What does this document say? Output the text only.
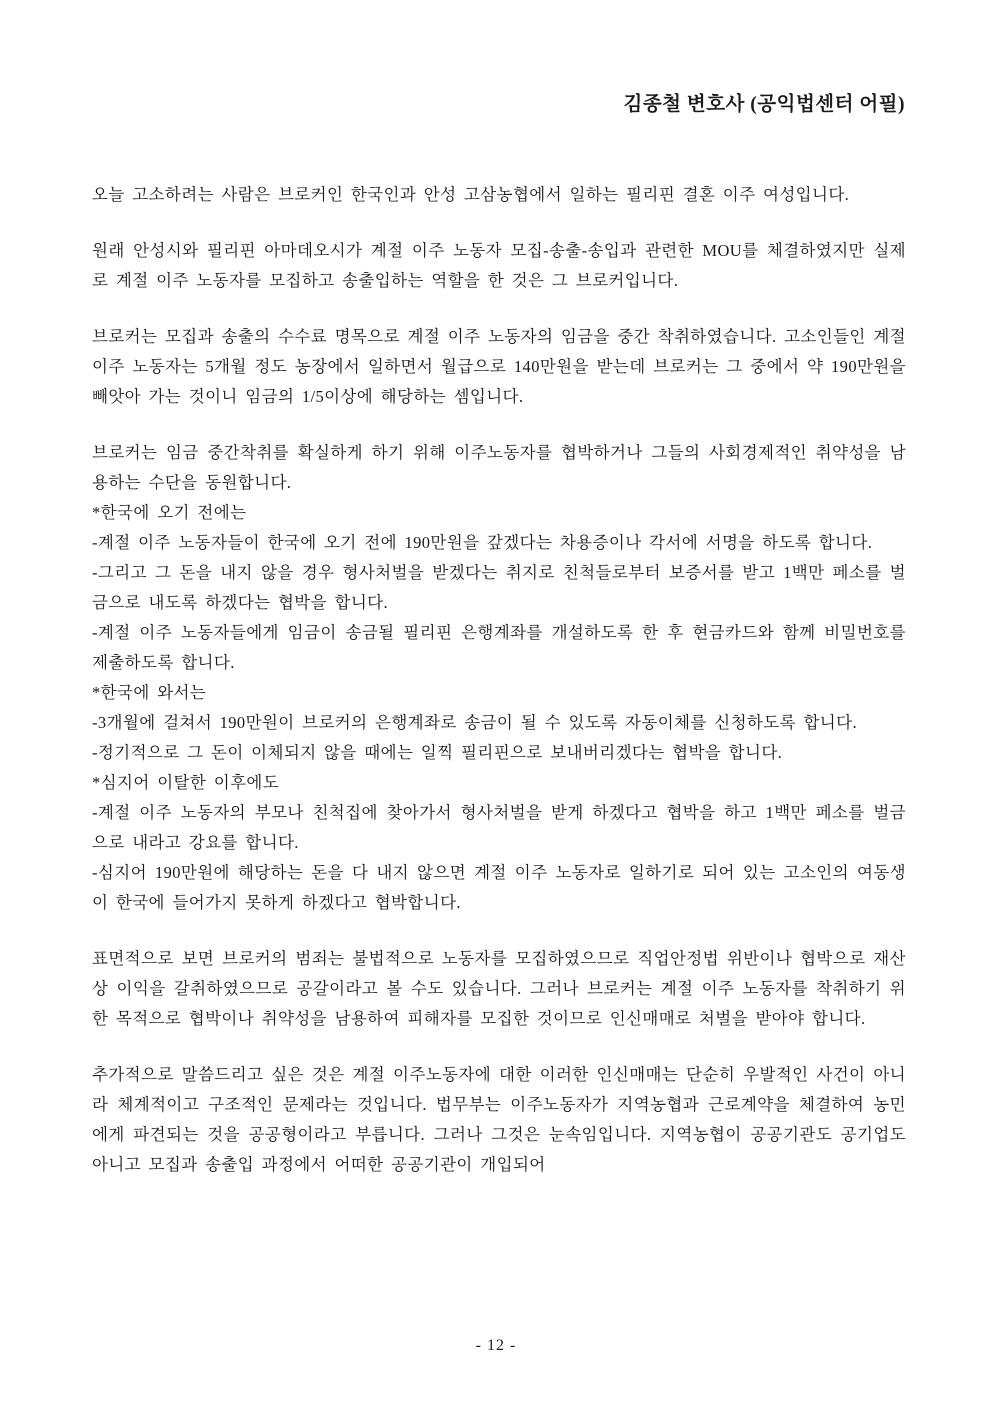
김종철 변호사 (공익법센터 어필)
오늘 고소하려는 사람은 브로커인 한국인과 안성 고삼농협에서 일하는 필리핀 결혼 이주 여성입니다.
원래 안성시와 필리핀 아마데오시가 계절 이주 노동자 모집-송출-송입과 관련한 MOU를 체결하였지만 실제로 계절 이주 노동자를 모집하고 송출입하는 역할을 한 것은 그 브로커입니다.
브로커는 모집과 송출의 수수료 명목으로 계절 이주 노동자의 임금을 중간 착취하였습니다. 고소인들인 계절 이주 노동자는 5개월 정도 농장에서 일하면서 월급으로 140만원을 받는데 브로커는 그 중에서 약 190만원을 빼앗아 가는 것이니 임금의 1/5이상에 해당하는 셈입니다.
브로커는 임금 중간착취를 확실하게 하기 위해 이주노동자를 협박하거나 그들의 사회경제적인 취약성을 남용하는 수단을 동원합니다.
*한국에 오기 전에는
-계절 이주 노동자들이 한국에 오기 전에 190만원을 갚겠다는 차용증이나 각서에 서명을 하도록 합니다.
-그리고 그 돈을 내지 않을 경우 형사처벌을 받겠다는 취지로 친척들로부터 보증서를 받고 1백만 페소를 벌금으로 내도록 하겠다는 협박을 합니다.
-계절 이주 노동자들에게 임금이 송금될 필리핀 은행계좌를 개설하도록 한 후 현금카드와 함께 비밀번호를 제출하도록 합니다.
*한국에 와서는
-3개월에 걸쳐서 190만원이 브로커의 은행계좌로 송금이 될 수 있도록 자동이체를 신청하도록 합니다.
-정기적으로 그 돈이 이체되지 않을 때에는 일찍 필리핀으로 보내버리겠다는 협박을 합니다.
*심지어 이탈한 이후에도
-계절 이주 노동자의 부모나 친척집에 찾아가서 형사처벌을 받게 하겠다고 협박을 하고 1백만 페소를 벌금으로 내라고 강요를 합니다.
-심지어 190만원에 해당하는 돈을 다 내지 않으면 계절 이주 노동자로 일하기로 되어 있는 고소인의 여동생이 한국에 들어가지 못하게 하겠다고 협박합니다.
표면적으로 보면 브로커의 범죄는 불법적으로 노동자를 모집하였으므로 직업안정법 위반이나 협박으로 재산상 이익을 갈취하였으므로 공갈이라고 볼 수도 있습니다. 그러나 브로커는 계절 이주 노동자를 착취하기 위한 목적으로 협박이나 취약성을 남용하여 피해자를 모집한 것이므로 인신매매로 처벌을 받아야 합니다.
추가적으로 말씀드리고 싶은 것은 계절 이주노동자에 대한 이러한 인신매매는 단순히 우발적인 사건이 아니라 체계적이고 구조적인 문제라는 것입니다. 법무부는 이주노동자가 지역농협과 근로계약을 체결하여 농민에게 파견되는 것을 공공형이라고 부릅니다. 그러나 그것은 눈속임입니다. 지역농협이 공공기관도 공기업도 아니고 모집과 송출입 과정에서 어떠한 공공기관이 개입되어
- 12 -
